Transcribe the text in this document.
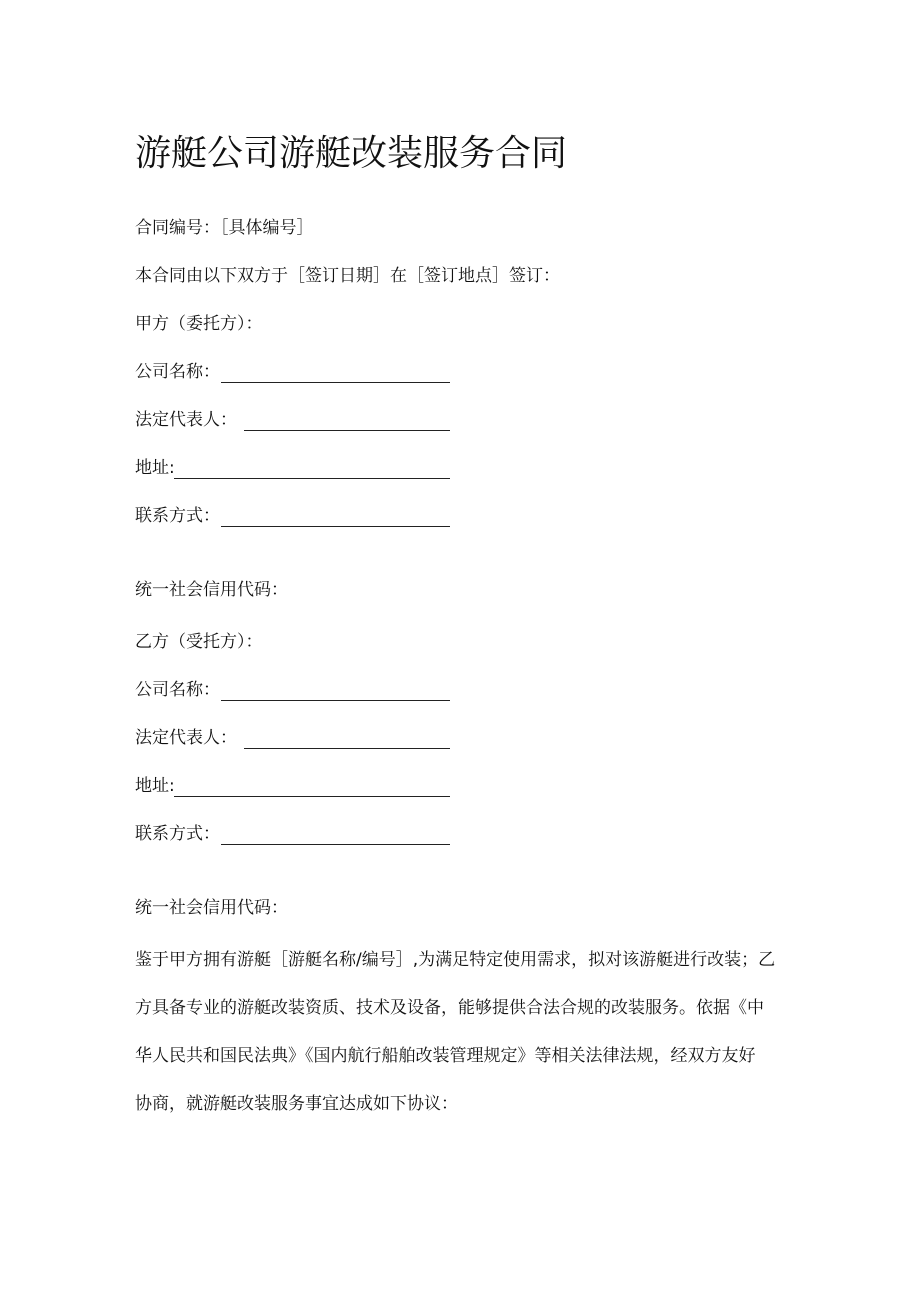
游艇公司游艇改装服务合同
合同编号：［具体编号］
本合同由以下双方于［签订日期］在［签订地点］签订：
甲方（委托方）：
公司名称：
法定代表人：
地址:
联系方式：
统一社会信用代码：
乙方（受托方）：
公司名称：
法定代表人：
地址:
联系方式：
统一社会信用代码：
鉴于甲方拥有游艇［游艇名称/编号］,为满足特定使用需求，拟对该游艇进行改装；乙
方具备专业的游艇改装资质、技术及设备，能够提供合法合规的改装服务。依据《中
华人民共和国民法典》《国内航行船舶改装管理规定》等相关法律法规，经双方友好
协商，就游艇改装服务事宜达成如下协议：
